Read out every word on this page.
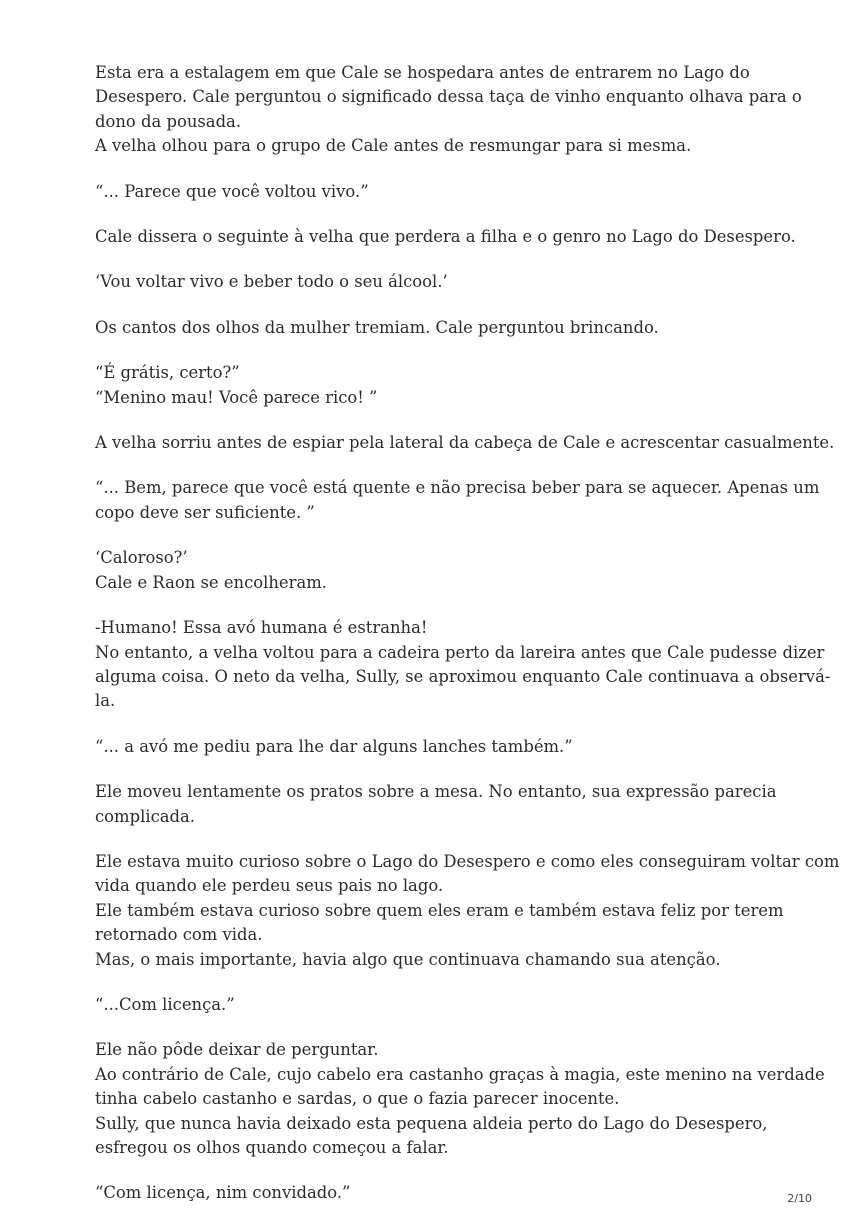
Esta era a estalagem em que Cale se hospedara antes de entrarem no Lago do
Desespero. Cale perguntou o significado dessa taça de vinho enquanto olhava para o
dono da pousada.
A velha olhou para o grupo de Cale antes de resmungar para si mesma.

“... Parece que você voltou vivo.”

Cale dissera o seguinte à velha que perdera a filha e o genro no Lago do Desespero.

‘Vou voltar vivo e beber todo o seu álcool.’

Os cantos dos olhos da mulher tremiam. Cale perguntou brincando.

“É grátis, certo?”
“Menino mau! Você parece rico! ”

A velha sorriu antes de espiar pela lateral da cabeça de Cale e acrescentar casualmente.

“... Bem, parece que você está quente e não precisa beber para se aquecer. Apenas um
copo deve ser suficiente. ”

‘Caloroso?’
Cale e Raon se encolheram.

-Humano! Essa avó humana é estranha!
No entanto, a velha voltou para a cadeira perto da lareira antes que Cale pudesse dizer
alguma coisa. O neto da velha, Sully, se aproximou enquanto Cale continuava a observá-
la.

“... a avó me pediu para lhe dar alguns lanches também.”

Ele moveu lentamente os pratos sobre a mesa. No entanto, sua expressão parecia
complicada.

Ele estava muito curioso sobre o Lago do Desespero e como eles conseguiram voltar com
vida quando ele perdeu seus pais no lago.
Ele também estava curioso sobre quem eles eram e também estava feliz por terem
retornado com vida.
Mas, o mais importante, havia algo que continuava chamando sua atenção.

“...Com licença.”

Ele não pôde deixar de perguntar.
Ao contrário de Cale, cujo cabelo era castanho graças à magia, este menino na verdade
tinha cabelo castanho e sardas, o que o fazia parecer inocente.
Sully, que nunca havia deixado esta pequena aldeia perto do Lago do Desespero,
esfregou os olhos quando começou a falar.

“Com licença, nim convidado.”	2/10
